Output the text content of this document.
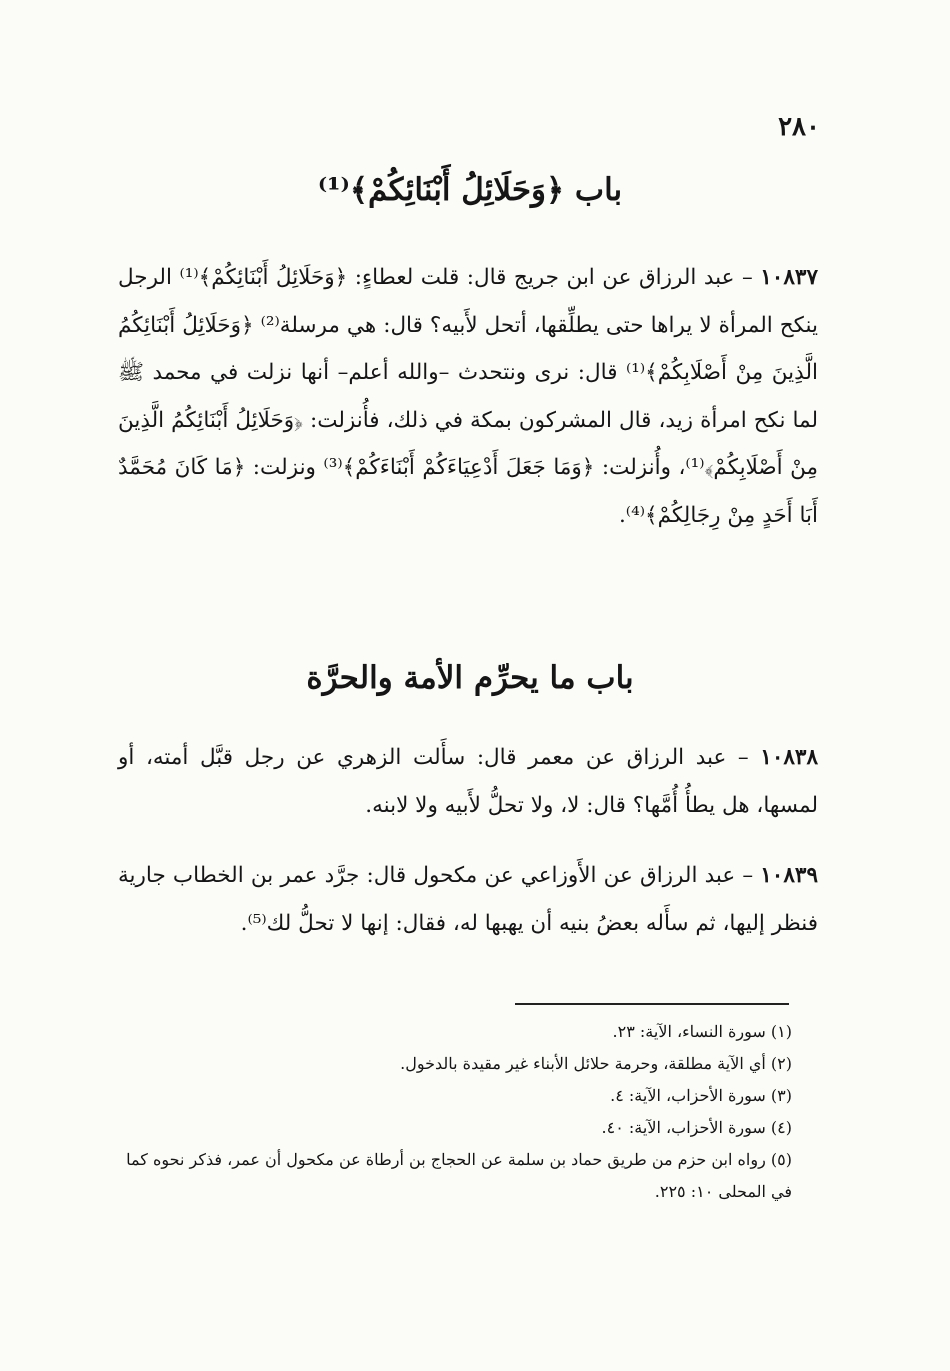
٢٨٠
باب ﴿وَحَلَائِلُ أَبْنَائِكُمْ﴾⁽¹⁾
١٠٨٣٧ – عبد الرزاق عن ابن جريج قال: قلت لعطاءٍ: ﴿وَحَلَائِلُ أَبْنَائِكُمْ﴾⁽¹⁾ الرجل ينكح المرأة لا يراها حتى يطلِّقها، أتحل لأَبيه؟ قال: هي مرسلة⁽²⁾ ﴿وَحَلَائِلُ أَبْنَائِكُمُ الَّذِينَ مِنْ أَصْلَابِكُمْ﴾⁽¹⁾ قال: نرى ونتحدث –والله أعلم– أنها نزلت في محمد ﷺ لما نكح امرأة زيد، قال المشركون بمكة في ذلك، فأُنزلت: ﴿وَحَلَائِلُ أَبْنَائِكُمُ الَّذِينَ مِنْ أَصْلَابِكُمْ﴾⁽¹⁾، وأُنزلت: ﴿وَمَا جَعَلَ أَدْعِيَاءَكُمْ أَبْنَاءَكُمْ﴾⁽³⁾ ونزلت: ﴿مَا كَانَ مُحَمَّدٌ أَبَا أَحَدٍ مِنْ رِجَالِكُمْ﴾⁽⁴⁾.
باب ما يحرِّم الأمة والحرَّة
١٠٨٣٨ – عبد الرزاق عن معمر قال: سأَلت الزهري عن رجل قبَّل أمته، أو لمسها، هل يطأُ أُمَّها؟ قال: لا، ولا تحلُّ لأَبيه ولا لابنه.
١٠٨٣٩ – عبد الرزاق عن الأَوزاعي عن مكحول قال: جرَّد عمر بن الخطاب جارية فنظر إليها، ثم سأَله بعضُ بنيه أن يهبها له، فقال: إنها لا تحلُّ لك⁽⁵⁾.

(١) سورة النساء، الآية: ٢٣.

(٢) أي الآية مطلقة، وحرمة حلائل الأبناء غير مقيدة بالدخول.

(٣) سورة الأحزاب، الآية: ٤.

(٤) سورة الأحزاب، الآية: ٤٠.

(٥) رواه ابن حزم من طريق حماد بن سلمة عن الحجاج بن أرطاة عن مكحول أن عمر، فذكر نحوه كما في المحلى ١٠: ٢٢٥.
